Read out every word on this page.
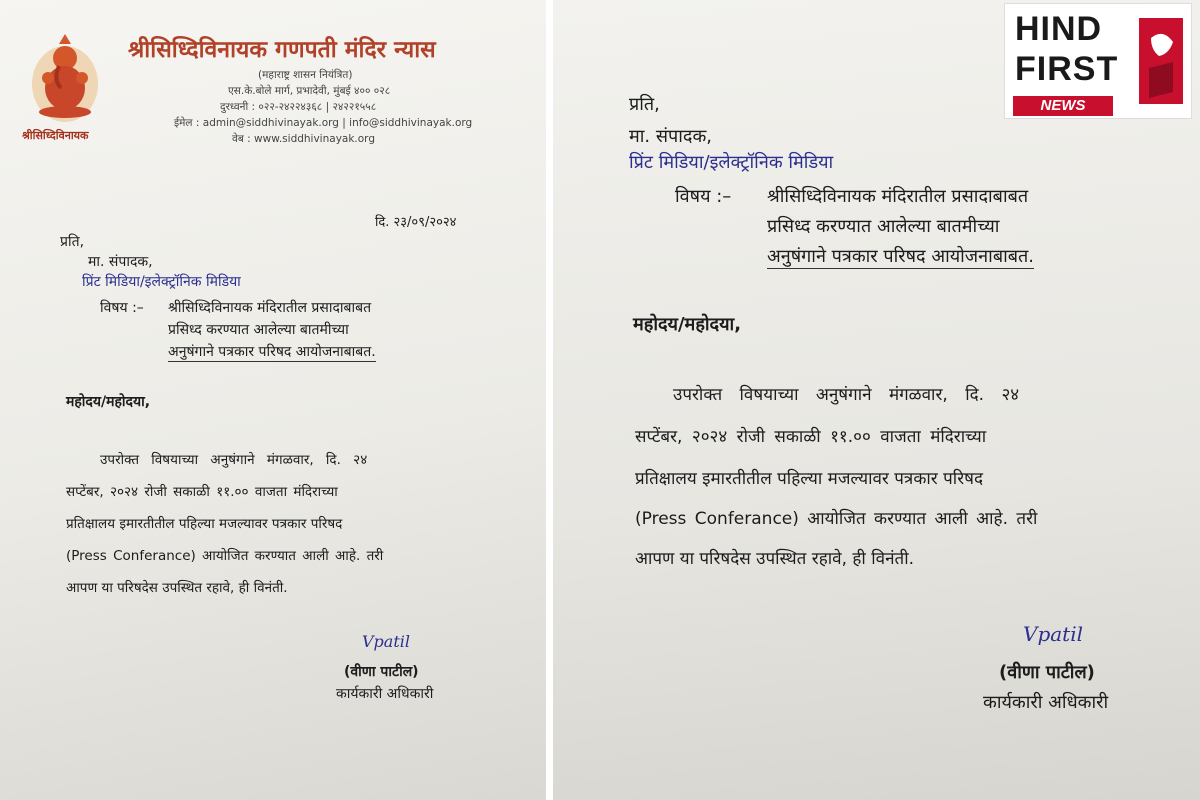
श्रीसिध्दिविनायक
श्रीसिध्दिविनायक गणपती मंदिर न्यास
(महाराष्ट्र शासन नियंत्रित)
एस.के.बोले मार्ग, प्रभादेवी, मुंबई ४०० ०२८
दुरध्वनी : ०२२-२४२२४३६८ | २४२२१५५८
ईमेल : admin@siddhivinayak.org | info@siddhivinayak.org
वेब : www.siddhivinayak.org
दि. २३/०९/२०२४
प्रति,
मा. संपादक,
प्रिंट मिडिया/इलेक्ट्रॉनिक मिडिया
विषय :– श्रीसिध्दिविनायक मंदिरातील प्रसादाबाबत
प्रसिध्द करण्यात आलेल्या बातमीच्या
अनुषंगाने पत्रकार परिषद आयोजनाबाबत.
महोदय/महोदया,
उपरोक्त विषयाच्या अनुषंगाने मंगळवार, दि. २४
सप्टेंबर, २०२४ रोजी सकाळी ११.०० वाजता मंदिराच्या
प्रतिक्षालय इमारतीतील पहिल्या मजल्यावर पत्रकार परिषद
(Press Conferance) आयोजित करण्यात आली आहे. तरी
आपण या परिषदेस उपस्थित रहावे, ही विनंती.
Vpatil
(वीणा पाटील)
कार्यकारी अधिकारी
प्रति,
मा. संपादक,
प्रिंट मिडिया/इलेक्ट्रॉनिक मिडिया
विषय :– श्रीसिध्दिविनायक मंदिरातील प्रसादाबाबत
प्रसिध्द करण्यात आलेल्या बातमीच्या
अनुषंगाने पत्रकार परिषद आयोजनाबाबत.
महोदय/महोदया,
उपरोक्त विषयाच्या अनुषंगाने मंगळवार, दि. २४
सप्टेंबर, २०२४ रोजी सकाळी ११.०० वाजता मंदिराच्या
प्रतिक्षालय इमारतीतील पहिल्या मजल्यावर पत्रकार परिषद
(Press Conferance) आयोजित करण्यात आली आहे. तरी
आपण या परिषदेस उपस्थित रहावे, ही विनंती.
Vpatil
(वीणा पाटील)
कार्यकारी अधिकारी
HIND
FIRST
NEWS
